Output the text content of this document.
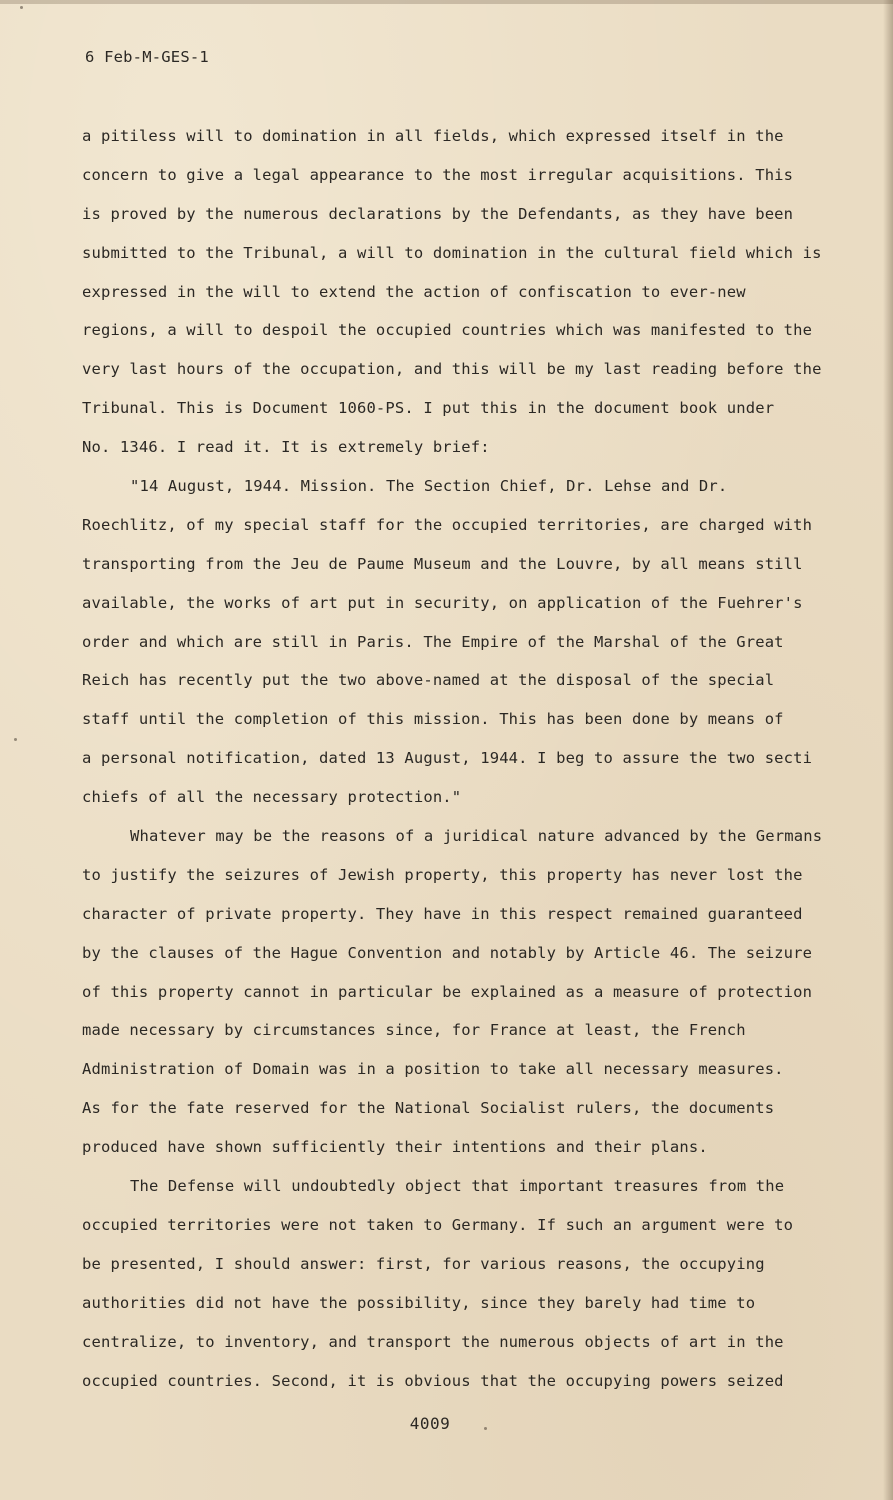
6 Feb-M-GES-1
a pitiless will to domination in all fields, which expressed itself in the
concern to give a legal appearance to the most irregular acquisitions. This
is proved by the numerous declarations by the Defendants, as they have been
submitted to the Tribunal, a will to domination in the cultural field which is
expressed in the will to extend the action of confiscation to ever-new
regions, a will to despoil the occupied countries which was manifested to the
very last hours of the occupation, and this will be my last reading before the
Tribunal. This is Document 1060-PS. I put this in the document book under
No. 1346. I read it. It is extremely brief:
"14 August, 1944. Mission. The Section Chief, Dr. Lehse and Dr.
Roechlitz, of my special staff for the occupied territories, are charged with
transporting from the Jeu de Paume Museum and the Louvre, by all means still
available, the works of art put in security, on application of the Fuehrer's
order and which are still in Paris. The Empire of the Marshal of the Great
Reich has recently put the two above-named at the disposal of the special
staff until the completion of this mission. This has been done by means of
a personal notification, dated 13 August, 1944. I beg to assure the two secti
chiefs of all the necessary protection."
Whatever may be the reasons of a juridical nature advanced by the Germans
to justify the seizures of Jewish property, this property has never lost the
character of private property. They have in this respect remained guaranteed
by the clauses of the Hague Convention and notably by Article 46. The seizure
of this property cannot in particular be explained as a measure of protection
made necessary by circumstances since, for France at least, the French
Administration of Domain was in a position to take all necessary measures.
As for the fate reserved for the National Socialist rulers, the documents
produced have shown sufficiently their intentions and their plans.
The Defense will undoubtedly object that important treasures from the
occupied territories were not taken to Germany. If such an argument were to
be presented, I should answer: first, for various reasons, the occupying
authorities did not have the possibility, since they barely had time to
centralize, to inventory, and transport the numerous objects of art in the
occupied countries. Second, it is obvious that the occupying powers seized
4009
